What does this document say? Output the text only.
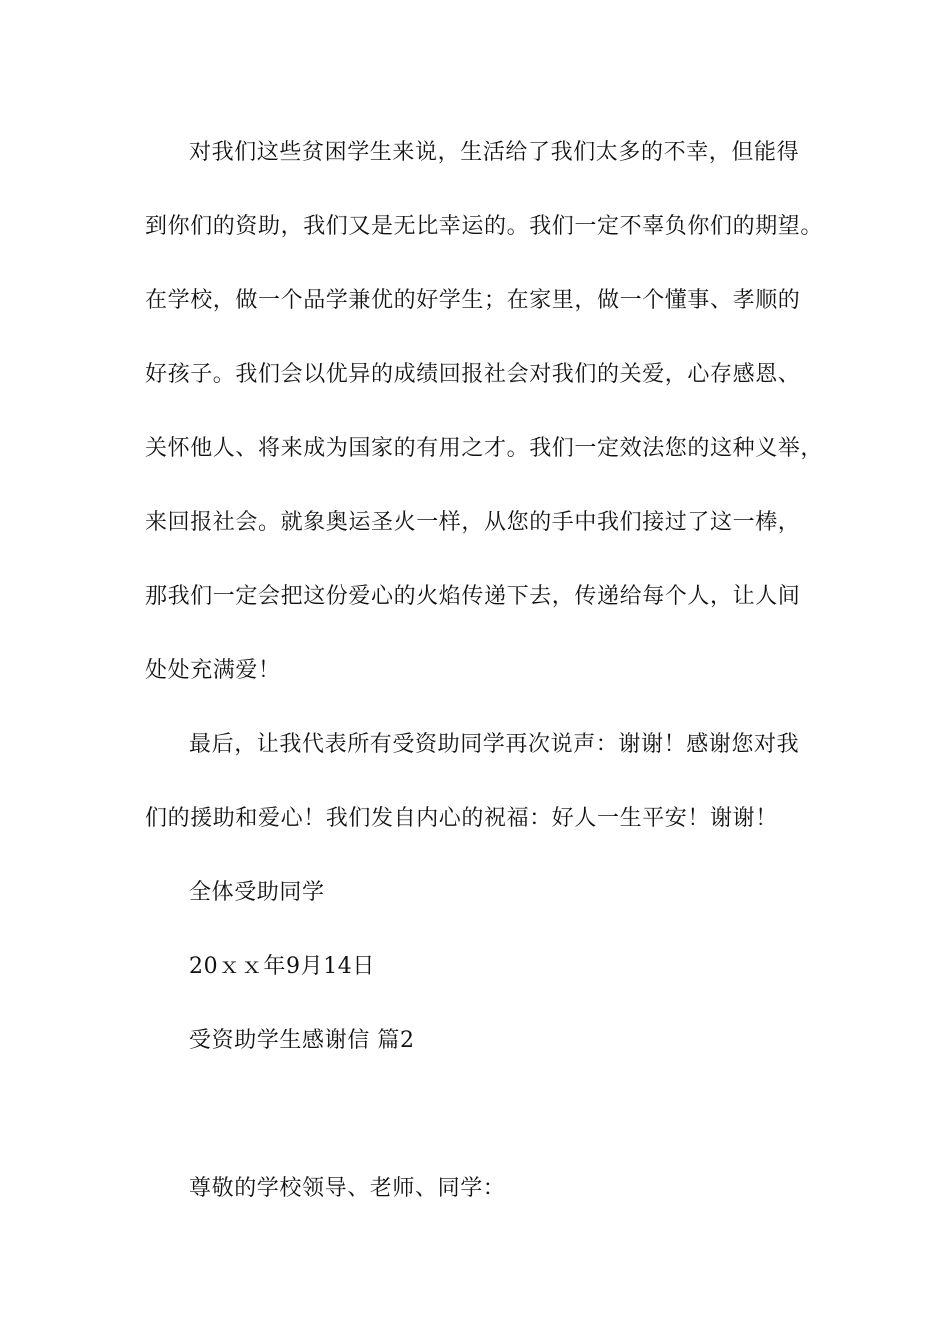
对我们这些贫困学生来说，生活给了我们太多的不幸，但能得
到你们的资助，我们又是无比幸运的。我们一定不辜负你们的期望。
在学校，做一个品学兼优的好学生；在家里，做一个懂事、孝顺的
好孩子。我们会以优异的成绩回报社会对我们的关爱，心存感恩、
关怀他人、将来成为国家的有用之才。我们一定效法您的这种义举，
来回报社会。就象奥运圣火一样，从您的手中我们接过了这一棒，
那我们一定会把这份爱心的火焰传递下去，传递给每个人，让人间
处处充满爱！
最后，让我代表所有受资助同学再次说声：谢谢！感谢您对我
们的援助和爱心！我们发自内心的祝福：好人一生平安！谢谢！
全体受助同学
20ｘｘ年9月14日
受资助学生感谢信 篇2
尊敬的学校领导、老师、同学：
